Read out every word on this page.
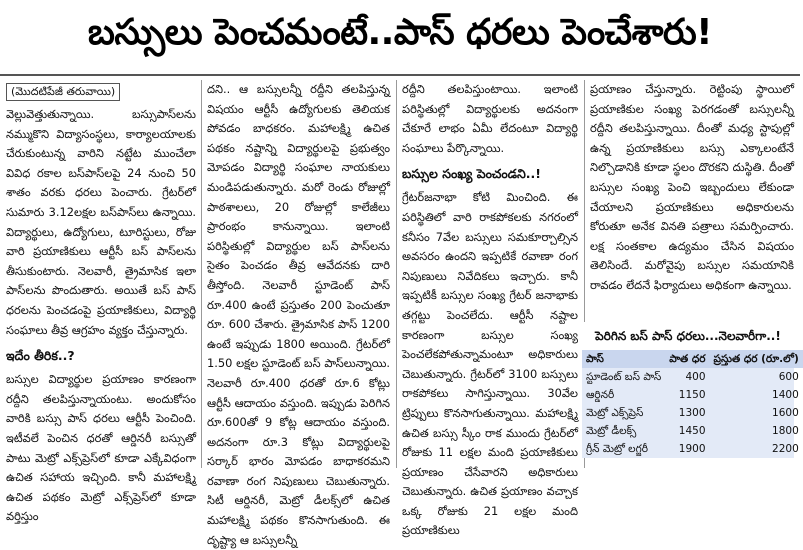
బస్సులు పెంచమంటే..పాస్ ధరలు పెంచేశారు!
(మొదటిపేజీ తరువాయి)

వెల్లువెత్తుతున్నాయి. బస్సుపాస్‌లను నమ్ముకొని విద్యాసంస్థలు, కార్యాలయాలకు చేరుకుంటున్న వారిని నట్టేట ముంచేలా వివిధ రకాల బస్‌పాస్‌లపై 24 నుంచి 50 శాతం వరకు ధరలు పెంచారు. గ్రేటర్‌లో సుమారు 3.12లక్షల బస్‌పాస్‌లు ఉన్నాయి. విద్యార్థులు, ఉద్యోగులు, టూరిస్టులు, రోజు వారి ప్రయాణికులు ఆర్టీసీ బస్ పాస్‌లను తీసుకుంటారు. నెలవారీ, త్రైమాసిక ఇలా పాస్‌లను పొందుతారు. అయితే బస్ పాస్ ధరలను పెంచడంపై ప్రయాణికులు, విద్యార్థి సంఘాలు తీవ్ర ఆగ్రహం వ్యక్తం చేస్తున్నారు.

ఇదేం తీరిక..?

బస్సుల విద్యార్థుల ప్రయాణం కారణంగా రద్దీని తలపిస్తున్నాయంటు. అందుకోసం వారికి బస్సు పాస్ ధరలు ఆర్టీసీ పెంచింది. ఇటీవలే పెంచిన ధరతో ఆర్డినరీ బస్సుతో పాటు మెట్రో ఎక్స్‌ప్రెస్‌లో కూడా ఎక్కేవిధంగా ఉచిత సహాయ ఇచ్చింది. కానీ మహాలక్ష్మి ఉచిత పథకం మెట్రో ఎక్స్‌ప్రెస్‌లో కూడా వర్తిస్తుం

దని.. ఆ బస్సులన్నీ రద్దీని తలపిస్తున్న విషయం ఆర్టీసీ ఉద్యోగులకు తెలియక పోవడం బాధకరం. మహాలక్ష్మి ఉచిత పథకం నష్టాన్ని విద్యార్థులపై ప్రభుత్వం మోపడం విద్యార్థి సంఘాల నాయకులు మండిపడుతున్నారు. మరో రెండు రోజుల్లో పాఠశాలలు, 20 రోజుల్లో కాలేజీలు ప్రారంభం కానున్నాయి. ఇలాంటి పరిస్థితుల్లో విద్యార్థుల బస్ పాస్‌లను సైతం పెంచడం తీవ్ర ఆవేదనకు దారి తీస్తోంది. నెలవారీ స్టూడెంట్ పాస్ రూ.400 ఉంటే ప్రస్తుతం 200 పెంచుతూ రూ. 600 చేశారు. త్రైమాసిక పాస్ 1200 ఉంటే ఇప్పుడు 1800 అయింది. గ్రేటర్‌లో 1.50 లక్షల స్టూడెంట్ బస్ పాస్‌లున్నాయి. నెలవారీ రూ.400 ధరతో రూ.6 కోట్లు ఆర్టీసీ ఆదాయం వస్తుంది. ఇప్పుడు పెరిగిన రూ.600తో 9 కోట్ల ఆదాయం వస్తుంది. అదనంగా రూ.3 కోట్లు విద్యార్థులపై సర్కార్ భారం మోపడం బాధాకరమని రవాణా రంగ నిపుణులు చెబుతున్నారు. సిటీ ఆర్డినరీ, మెట్రో డీలక్స్‌లో ఉచిత మహాలక్ష్మి పథకం కొనసాగుతుంది. ఈ దృష్ట్యా ఆ బస్సులన్నీ

రద్దీని తలపిస్తుంటాయి. ఇలాంటి పరిస్థితుల్లో విద్యార్థులకు అదనంగా చేకూరే లాభం ఏమీ లేదంటూ విద్యార్థి సంఘాలు పేర్కొన్నాయి.

బస్సుల సంఖ్య పెంచండని..!

గ్రేటర్‌జనాభా కోటి మించింది. ఈ పరిస్థితిలో వారి రాకపోకలకు నగరంలో కనీసం 7వేల బస్సులు సమకూర్చాల్సిన అవసరం ఉందని ఇప్పటికే రవాణా రంగ నిపుణులు నివేదికలు ఇచ్చారు. కానీ ఇప్పటికీ బస్సుల సంఖ్య గ్రేటర్ జనాభాకు తగ్గట్టు పెంచలేదు. ఆర్టీసీ నష్టాల కారణంగా బస్సుల సంఖ్య పెంచలేకపోతున్నామంటూ అధికారులు చెబుతున్నారు. గ్రేటర్‌లో 3100 బస్సులు రాకపోకలు సాగిస్తున్నాయి. 30వేల ట్రిప్పులు కొనసాగుతున్నాయి. మహాలక్ష్మి ఉచిత బస్సు స్కీం రాక ముందు గ్రేటర్‌లో రోజుకు 11 లక్షల మంది ప్రయాణికులు ప్రయాణం చేసేవారని అధికారులు చెబుతున్నారు. ఉచిత ప్రయాణం వచ్చాక ఒక్క రోజుకు 21 లక్షల మంది ప్రయాణికులు

ప్రయాణం చేస్తున్నారు. రెట్టింపు స్థాయిలో ప్రయాణికుల సంఖ్య పెరగడంతో బస్సులన్నీ రద్దీని తలపిస్తున్నాయి. దీంతో మధ్య స్టాపుల్లో ఉన్న ప్రయాణికులు బస్సు ఎక్కాలంటేనే నిల్చొడానికి కూడా స్థలం దొరకని దుస్థితి. దీంతో బస్సుల సంఖ్య పెంచి ఇబ్బందులు లేకుండా చేయాలని ప్రయాణికులు అధికారులను కోరుతూ అనేక వినతి పత్రాలు సమర్పించారు. లక్ష సంతకాల ఉద్యమం చేసిన విషయం తెలిసిందే. మరోవైపు బస్సుల సమయానికి రావడం లేదనే ఫిర్యాదులు అధికంగా ఉన్నాయి.

పెరిగిన బస్ పాస్ ధరలు...నెలవారీగా..!
పాస్	పాత ధర	ప్రస్తుత ధర (రూ.లో)
స్టూడెంట్ బస్ పాస్	400	600
ఆర్డినరీ	1150	1400
మెట్రో ఎక్స్‌ప్రెస్	1300	1600
మెట్రో డీలక్స్	1450	1800
గ్రీన్ మెట్రో లగ్జరీ	1900	2200
